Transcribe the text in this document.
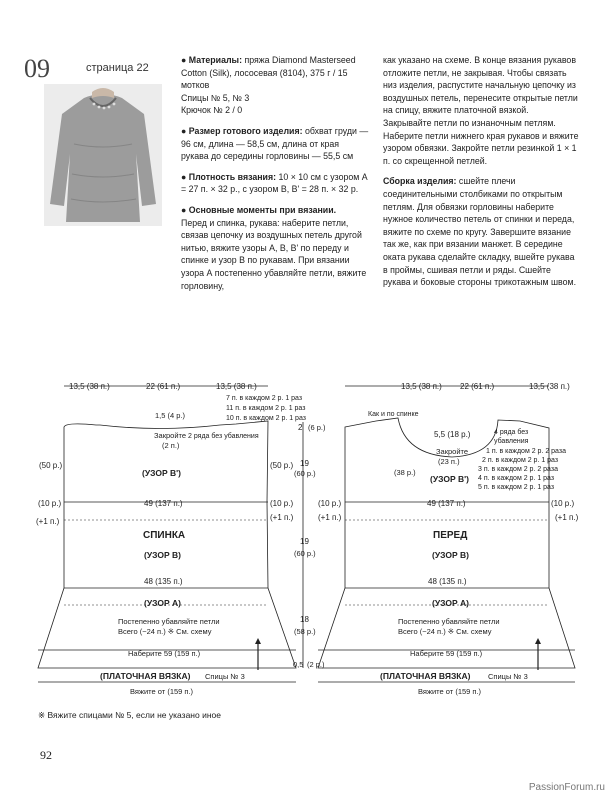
09	страница 22

● Материалы: пряжа Diamond Masterseed Cotton (Silk), лососевая (8104), 375 г / 15 мотков
Спицы № 5, № 3
Крючок № 2 / 0

● Размер готового изделия: обхват груди — 96 см, длина — 58,5 см, длина от края рукава до середины горловины — 55,5 см

● Плотность вязания: 10 × 10 см с узором А = 27 п. × 32 р., с узором В, В' = 28 п. × 32 р.

● Основные моменты при вязании.
Перед и спинка, рукава: наберите петли, связав цепочку из воздушных петель другой нитью, вяжите узоры А, В, В' по переду и спинке и узор В по рукавам. При вязании узора А постепенно убавляйте петли, вяжите горловину,

как указано на схеме. В конце вязания рукавов отложите петли, не закрывая. Чтобы связать низ изделия, распустите начальную цепочку из воздушных петель, перенесите открытые петли на спицу, вяжите платочной вязкой. Закрывайте петли по изнаночным петлям. Наберите петли нижнего края рукавов и вяжите узором обвязки. Закройте петли резинкой 1 × 1 п. со скрещенной петлей.

Сборка изделия: сшейте плечи соединительными столбиками по открытым петлям. Для обвязки горловины наберите нужное количество петель от спинки и переда, вяжите по схеме по кругу. Завершите вязание так же, как при вязании манжет. В середине оката рукава сделайте складку, вшейте рукава в проймы, сшивая петли и ряды. Сшейте рукава и боковые стороны трикотажным швом.

13,5 (38 п.)	22 (61 п.)	13,5 (38 п.)
7 п. в каждом 2 р. 1 раз
11 п. в каждом 2 р. 1 раз
10 п. в каждом 2 р. 1 раз
1,5 (4 р.)
Закройте
(2 п.)
2 ряда без убавления
(УЗОР В')
(50 р.)
(50 р.)
49 (137 п.)
(10 р.)	(10 р.)
(+1 п.)	(+1 п.)
СПИНКА
(УЗОР В)
48 (135 п.)
(УЗОР А)
Постепенно убавляйте петли
Всего (−24 п.) ※ См. схему
Наберите 59 (159 п.)
(ПЛАТОЧНАЯ ВЯЗКА) Спицы № 3
Вяжите от (159 п.)
2 (6 р.)
19
(60 р.)
19
(60 р.)
18
(58 р.)
0,5 (2 р.)
13,5 (38 п.) 22 (61 п.)	13,5 (38 п.)
Как и по спинке
5,5 (18 р.)	4 ряда без
убавления
1 п. в каждом 2 р. 2 раза
2 п. в каждом 2 р. 1 раз
3 п. в каждом 2 р. 2 раза
4 п. в каждом 2 р. 1 раз
5 п. в каждом 2 р. 1 раз
Закройте
(23 п.)
(38 р.)
(УЗОР В')
49 (137 п.)
(10 р.)	(10 р.)
(+1 п.)	(+1 п.)
ПЕРЕД
(УЗОР В)
48 (135 п.)
(УЗОР А)
Постепенно убавляйте петли
Всего (−24 п.) ※ См. схему
Наберите 59 (159 п.)
(ПЛАТОЧНАЯ ВЯЗКА) Спицы № 3
Вяжите от (159 п.)
※ Вяжите спицами № 5, если не указано иное
92
PassionForum.ru
